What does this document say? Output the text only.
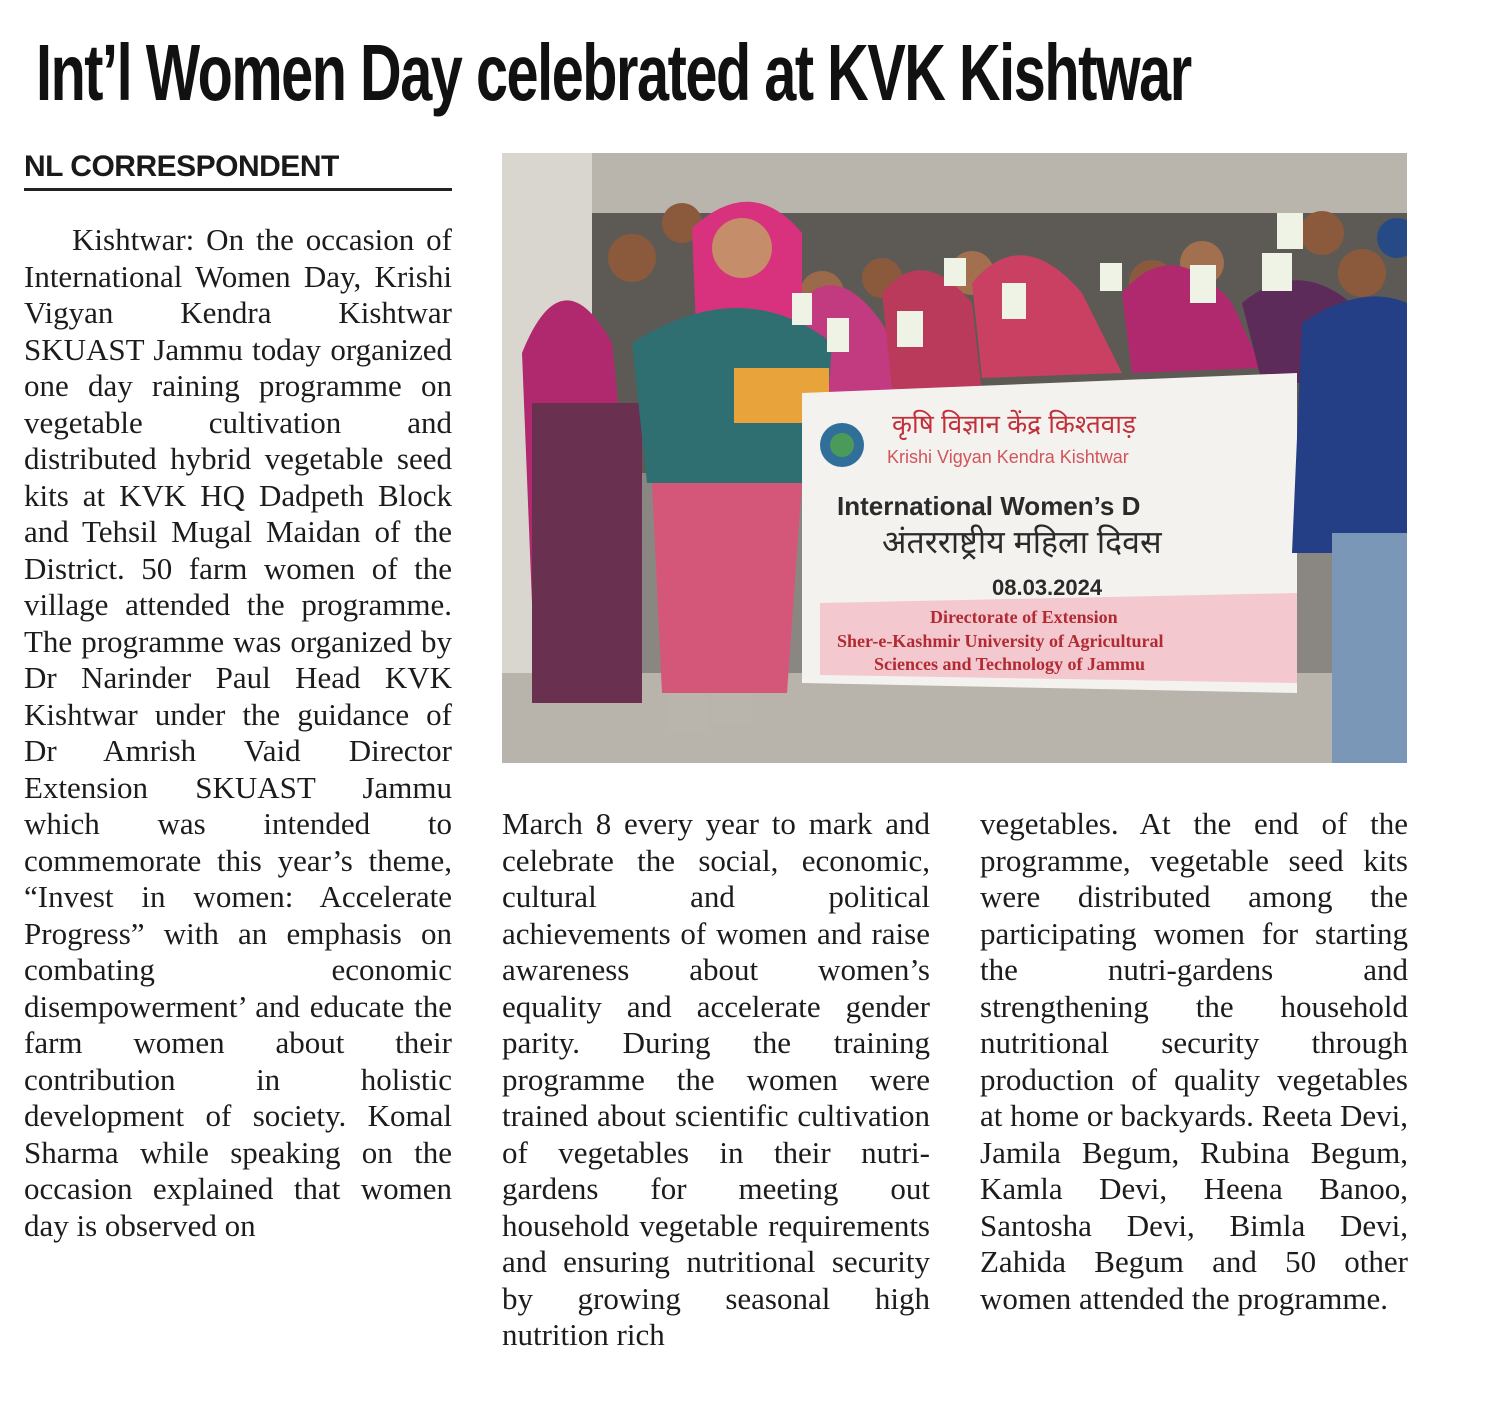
Int’l Women Day celebrated at KVK Kishtwar
NL CORRESPONDENT

Kishtwar: On the occasion of International Women Day, Krishi Vigyan Kendra Kishtwar SKUAST Jammu today organized one day raining programme on vegetable cultivation and distributed hybrid vegetable seed kits at KVK HQ Dadpeth Block and Tehsil Mugal Maidan of the District. 50 farm women of the village attended the programme. The programme was organized by Dr Narinder Paul Head KVK Kishtwar under the guidance of Dr Amrish Vaid Director Extension SKUAST Jammu which was intended to commemorate this year’s theme, “Invest in women: Accelerate Progress” with an emphasis on combating economic disempowerment’ and educate the farm women about their contribution in holistic development of society. Komal Sharma while speaking on the occasion explained that women day is observed on

कृषि विज्ञान केंद्र किश्तवाड़
Krishi Vigyan Kendra Kishtwar
International Women’s D
अंतरराष्ट्रीय महिला दिवस
08.03.2024
Directorate of Extension
Sher-e-Kashmir University of Agricultural
Sciences and Technology of Jammu

March 8 every year to mark and celebrate the social, economic, cultural and political achievements of women and raise awareness about women’s equality and accelerate gender parity. During the training programme the women were trained about scientific cultivation of vegetables in their nutri-gardens for meeting out household vegetable requirements and ensuring nutritional security by growing seasonal high nutrition rich

vegetables. At the end of the programme, vegetable seed kits were distributed among the participating women for starting the nutri-gardens and strengthening the household nutritional security through production of quality vegetables at home or backyards. Reeta Devi, Jamila Begum, Rubina Begum, Kamla Devi, Heena Banoo, Santosha Devi, Bimla Devi, Zahida Begum and 50 other women attended the programme.
